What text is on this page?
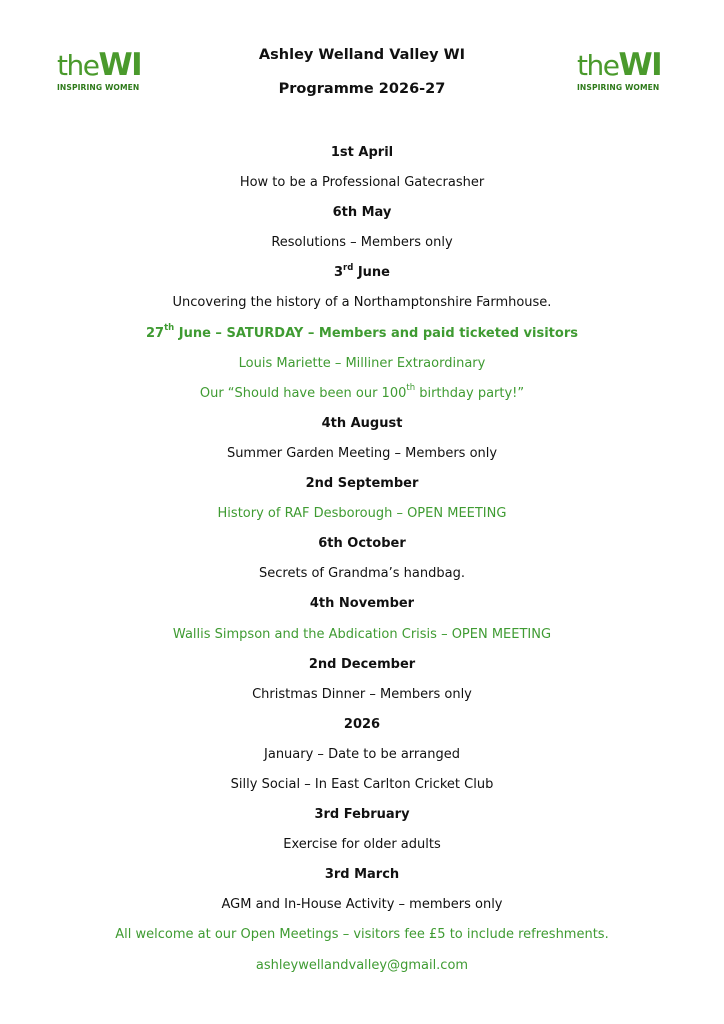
theWI
INSPIRING WOMEN
theWI
INSPIRING WOMEN
Ashley Welland Valley WI
Programme 2026-27
1st April
How to be a Professional Gatecrasher
6th May
Resolutions – Members only
3rd June
Uncovering the history of a Northamptonshire Farmhouse.
27th June – SATURDAY – Members and paid ticketed visitors
Louis Mariette – Milliner Extraordinary
Our “Should have been our 100th birthday party!”
4th August
Summer Garden Meeting – Members only
2nd September
History of RAF Desborough – OPEN MEETING
6th October
Secrets of Grandma’s handbag.
4th November
Wallis Simpson and the Abdication Crisis – OPEN MEETING
2nd December
Christmas Dinner – Members only
2026
January – Date to be arranged
Silly Social – In East Carlton Cricket Club
3rd February
Exercise for older adults
3rd March
AGM and In-House Activity – members only
All welcome at our Open Meetings – visitors fee £5 to include refreshments.
ashleywellandvalley@gmail.com
